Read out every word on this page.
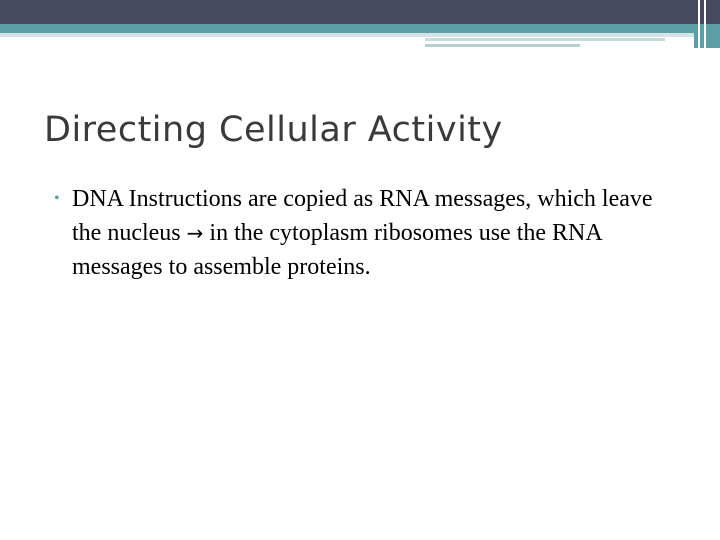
Directing Cellular Activity
• DNA Instructions are copied as RNA messages, which leave the nucleus → in the cytoplasm ribosomes use the RNA messages to assemble proteins.
